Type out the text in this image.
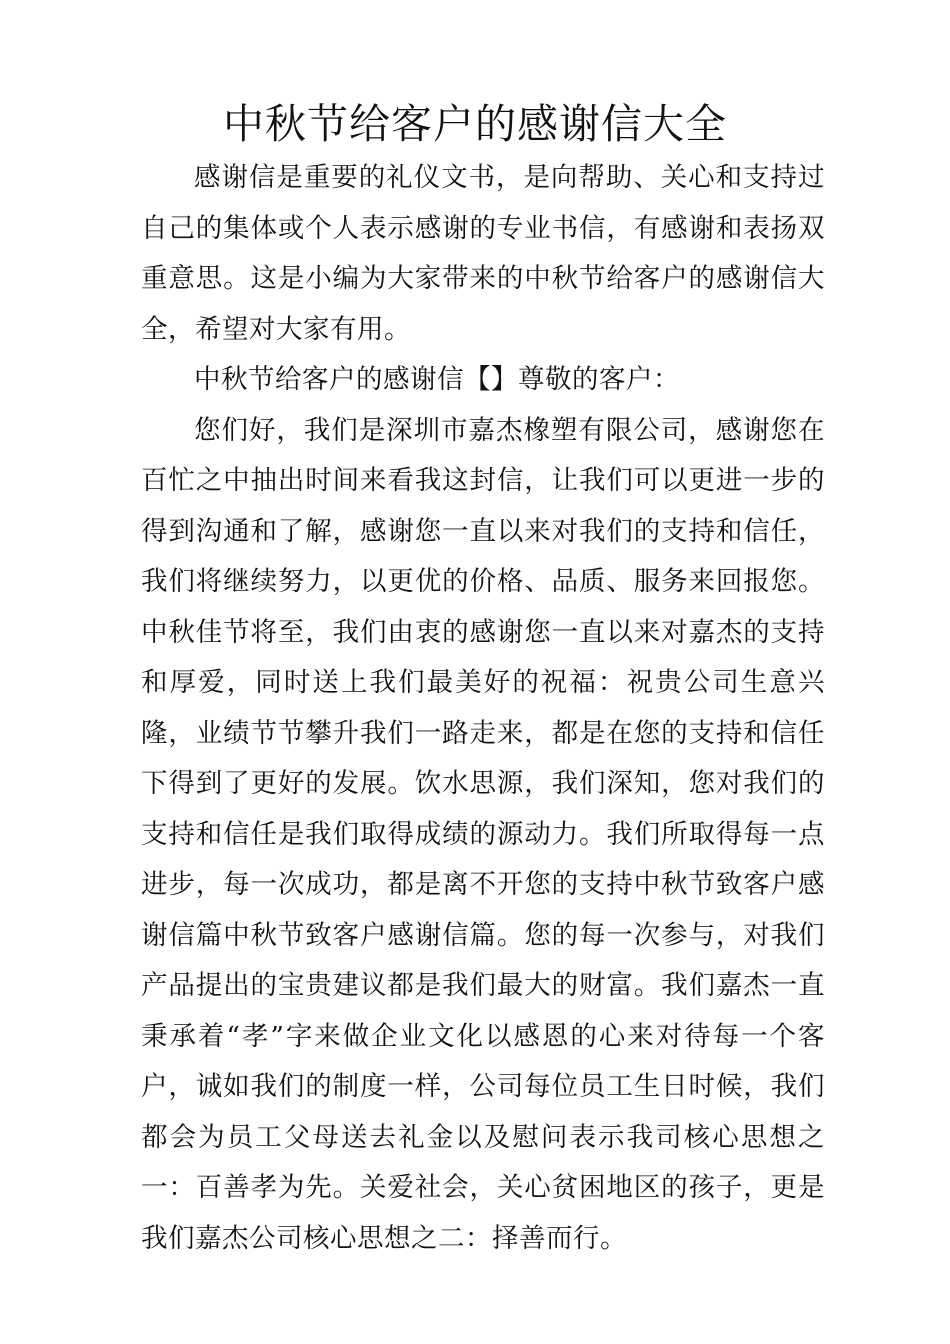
中秋节给客户的感谢信大全

感谢信是重要的礼仪文书，是向帮助、关心和支持过自己的集体或个人表示感谢的专业书信，有感谢和表扬双重意思。这是小编为大家带来的中秋节给客户的感谢信大全，希望对大家有用。

中秋节给客户的感谢信【】尊敬的客户：

您们好，我们是深圳市嘉杰橡塑有限公司，感谢您在百忙之中抽出时间来看我这封信，让我们可以更进一步的得到沟通和了解，感谢您一直以来对我们的支持和信任，我们将继续努力，以更优的价格、品质、服务来回报您。中秋佳节将至，我们由衷的感谢您一直以来对嘉杰的支持和厚爱，同时送上我们最美好的祝福：祝贵公司生意兴隆，业绩节节攀升我们一路走来，都是在您的支持和信任下得到了更好的发展。饮水思源，我们深知，您对我们的支持和信任是我们取得成绩的源动力。我们所取得每一点进步，每一次成功，都是离不开您的支持中秋节致客户感谢信篇中秋节致客户感谢信篇。您的每一次参与，对我们产品提出的宝贵建议都是我们最大的财富。我们嘉杰一直秉承着“孝”字来做企业文化以感恩的心来对待每一个客户，诚如我们的制度一样，公司每位员工生日时候，我们都会为员工父母送去礼金以及慰问表示我司核心思想之一：百善孝为先。关爱社会，关心贫困地区的孩子，更是我们嘉杰公司核心思想之二：择善而行。
